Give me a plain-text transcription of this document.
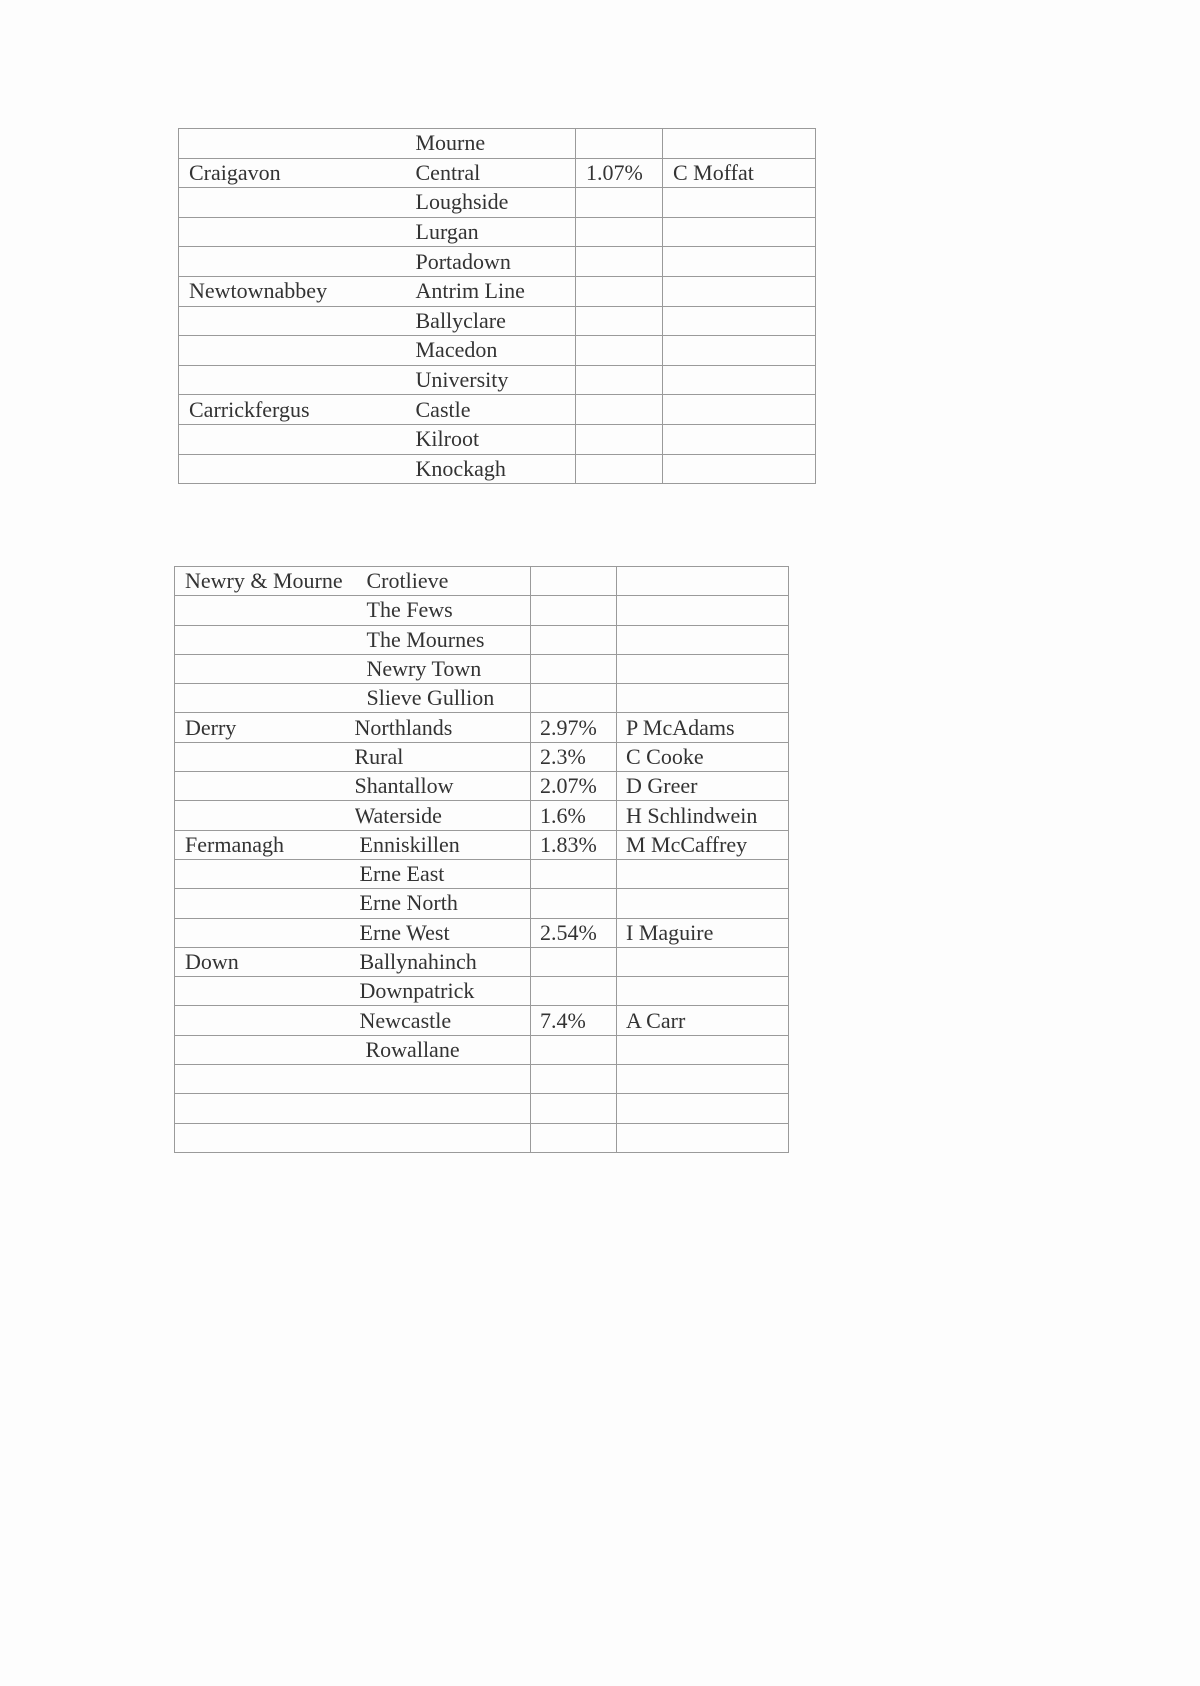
	Mourne		
Craigavon	Central	1.07%	C Moffat
	Loughside		
	Lurgan		
	Portadown		
Newtownabbey	Antrim Line		
	Ballyclare		
	Macedon		
	University		
Carrickfergus	Castle		
	Kilroot		
	Knockagh		
Newry & Mourne	Crotlieve		
	The Fews		
	The Mournes		
	Newry Town		
	Slieve Gullion		
Derry	Northlands	2.97%	P McAdams
	Rural	2.3%	C Cooke
	Shantallow	2.07%	D Greer
	Waterside	1.6%	H Schlindwein
Fermanagh	Enniskillen	1.83%	M McCaffrey
	Erne East		
	Erne North		
	Erne West	2.54%	I Maguire
Down	Ballynahinch		
	Downpatrick		
	Newcastle	7.4%	A Carr
	Rowallane		
